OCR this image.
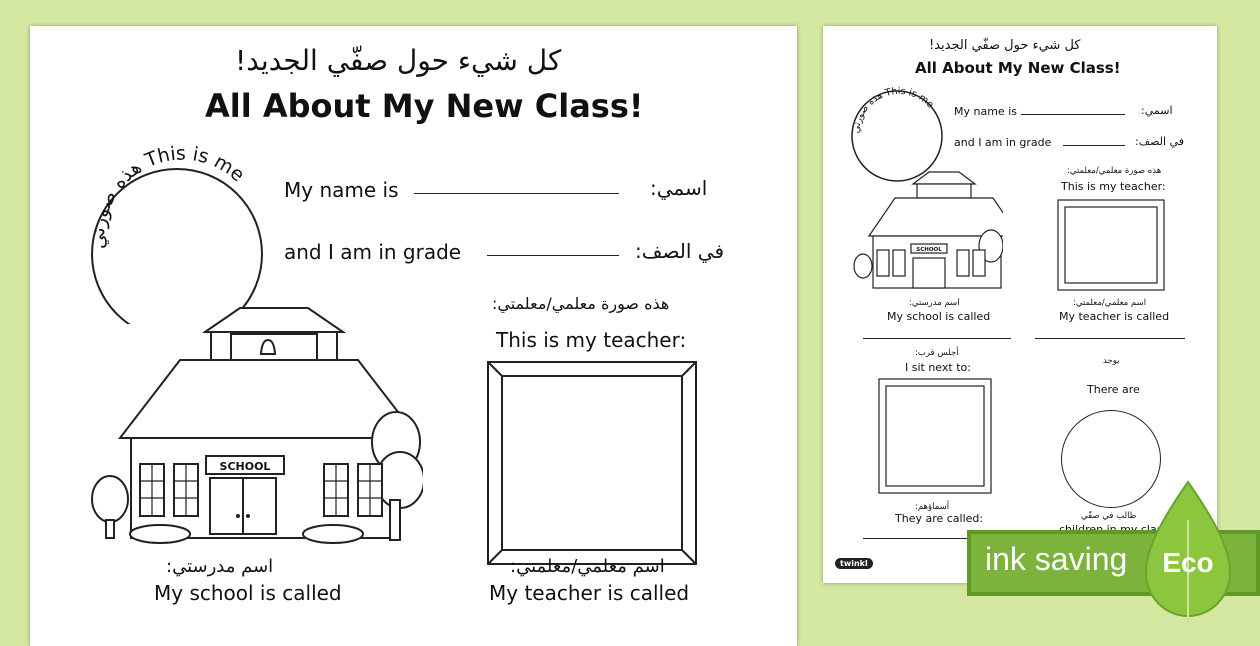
كل شيء حول صفّي الجديد!
All About My New Class!
هذه صورتي This is me
My name is	اسمي:
and I am in grade	في الصف:
SCHOOL
هذه صورة معلمي/معلمتي:
This is my teacher:
اسم مدرستي:
My school is called
اسم معلمي/معلمتي:
My teacher is called
كل شيء حول صفّي الجديد!
All About My New Class!
هذه صورتي This is me
My name is	اسمي:
and I am in grade	في الصف:
هذه صورة معلمي/معلمتي:
This is my teacher:
SCHOOL
اسم مدرستي:
My school is called
اسم معلمي/معلمتي:
My teacher is called
أجلس قرب:
I sit next to:	يوجد
There are
أسماؤهم:
They are called:	طالب في صفّي
twinkl	ink saving Eco
